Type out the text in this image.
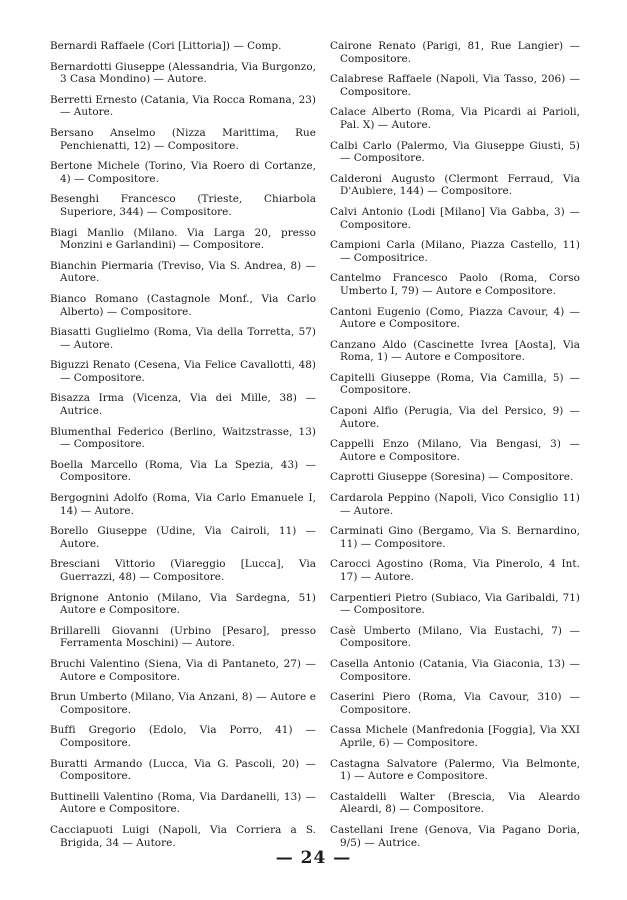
Bernardi Raffaele (Cori [Littoria]) — Comp.

Bernardotti Giuseppe (Alessandria, Via Burgonzo, 3 Casa Mondino) — Autore.

Berretti Ernesto (Catania, Via Rocca Romana, 23) — Autore.

Bersano Anselmo (Nizza Marittima, Rue Penchienatti, 12) — Compositore.

Bertone Michele (Torino, Via Roero di Cortanze, 4) — Compositore.

Besenghi Francesco (Trieste, Chiarbola Superiore, 344) — Compositore.

Biagi Manlio (Milano. Via Larga 20, presso Monzini e Garlandini) — Compositore.

Bianchin Piermaria (Treviso, Via S. Andrea, 8) — Autore.

Bianco Romano (Castagnole Monf., Via Carlo Alberto) — Compositore.

Biasatti Guglielmo (Roma, Via della Torretta, 57) — Autore.

Biguzzi Renato (Cesena, Via Felice Cavallotti, 48) — Compositore.

Bisazza Irma (Vicenza, Via dei Mille, 38) — Autrice.

Blumenthal Federico (Berlino, Waitzstrasse, 13) — Compositore.

Boella Marcello (Roma, Via La Spezia, 43) — Compositore.

Bergognini Adolfo (Roma, Via Carlo Emanuele I, 14) — Autore.

Borello Giuseppe (Udine, Via Cairoli, 11) — Autore.

Bresciani Vittorio (Viareggio [Lucca], Via Guerrazzi, 48) — Compositore.

Brignone Antonio (Milano, Via Sardegna, 51) Autore e Compositore.

Brillarelli Giovanni (Urbino [Pesaro], presso Ferramenta Moschini) — Autore.

Bruchi Valentino (Siena, Via di Pantaneto, 27) — Autore e Compositore.

Brun Umberto (Milano, Via Anzani, 8) — Autore e Compositore.

Buffi Gregorio (Edolo, Via Porro, 41) — Compositore.

Buratti Armando (Lucca, Via G. Pascoli, 20) — Compositore.

Buttinelli Valentino (Roma, Via Dardanelli, 13) — Autore e Compositore.

Cacciapuoti Luigi (Napoli, Via Corriera a S. Brigida, 34 — Autore.

Cairone Renato (Parigi, 81, Rue Langier) — Compositore.

Calabrese Raffaele (Napoli, Via Tasso, 206) — Compositore.

Calace Alberto (Roma, Via Picardi ai Parioli, Pal. X) — Autore.

Calbi Carlo (Palermo, Via Giuseppe Giusti, 5) — Compositore.

Calderoni Augusto (Clermont Ferraud, Via D'Aubiere, 144) — Compositore.

Calvi Antonio (Lodi [Milano] Via Gabba, 3) — Compositore.

Campioni Carla (Milano, Piazza Castello, 11) — Compositrice.

Cantelmo Francesco Paolo (Roma, Corso Umberto I, 79) — Autore e Compositore.

Cantoni Eugenio (Como, Piazza Cavour, 4) — Autore e Compositore.

Canzano Aldo (Cascinette Ivrea [Aosta], Via Roma, 1) — Autore e Compositore.

Capitelli Giuseppe (Roma, Via Camilla, 5) — Compositore.

Caponi Alfio (Perugia, Via del Persico, 9) — Autore.

Cappelli Enzo (Milano, Via Bengasi, 3) — Autore e Compositore.

Caprotti Giuseppe (Soresina) — Compositore.

Cardarola Peppino (Napoli, Vico Consiglio 11) — Autore.

Carminati Gino (Bergamo, Via S. Bernardino, 11) — Compositore.

Carocci Agostino (Roma, Via Pinerolo, 4 Int. 17) — Autore.

Carpentieri Pietro (Subiaco, Via Garibaldi, 71) — Compositore.

Casè Umberto (Milano, Via Eustachi, 7) — Compositore.

Casella Antonio (Catania, Via Giaconia, 13) — Compositore.

Caserini Piero (Roma, Via Cavour, 310) — Compositore.

Cassa Michele (Manfredonia [Foggia], Via XXI Aprile, 6) — Compositore.

Castagna Salvatore (Palermo, Via Belmonte, 1) — Autore e Compositore.

Castaldelli Walter (Brescia, Via Aleardo Aleardi, 8) — Compositore.

Castellani Irene (Genova, Via Pagano Doria, 9/5) — Autrice.

— 24 —
